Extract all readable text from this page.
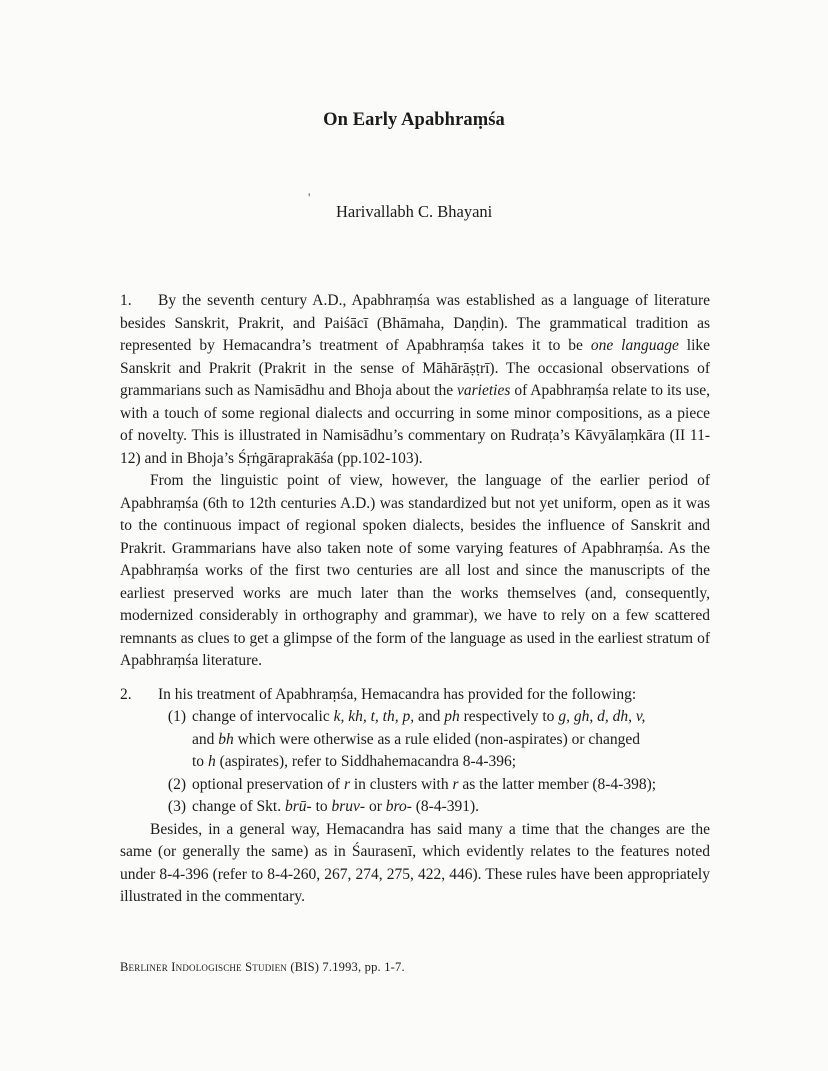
On Early Apabhraṃśa
'
Harivallabh C. Bhayani

1. By the seventh century A.D., Apabhraṃśa was established as a language of literature besides Sanskrit, Prakrit, and Paiśācī (Bhāmaha, Daṇḍin). The grammatical tradition as represented by Hemacandra’s treatment of Apabhraṃśa takes it to be one language like Sanskrit and Prakrit (Prakrit in the sense of Māhārāṣṭrī). The occasional observations of grammarians such as Namisādhu and Bhoja about the varieties of Apabhraṃśa relate to its use, with a touch of some regional dialects and occurring in some minor compositions, as a piece of novelty. This is illustrated in Namisādhu’s commentary on Rudraṭa’s Kāvyālaṃkāra (II 11-12) and in Bhoja’s Śṛṅgāraprakāśa (pp.102-103).

From the linguistic point of view, however, the language of the earlier period of Apabhraṃśa (6th to 12th centuries A.D.) was standardized but not yet uniform, open as it was to the continuous impact of regional spoken dialects, besides the influence of Sanskrit and Prakrit. Grammarians have also taken note of some varying features of Apabhraṃśa. As the Apabhraṃśa works of the first two centuries are all lost and since the manuscripts of the earliest preserved works are much later than the works themselves (and, consequently, modernized considerably in orthography and grammar), we have to rely on a few scattered remnants as clues to get a glimpse of the form of the language as used in the earliest stratum of Apabhraṃśa literature.

2. In his treatment of Apabhraṃśa, Hemacandra has provided for the following:

(1) change of intervocalic k, kh, t, th, p, and ph respectively to g, gh, d, dh, v,
and bh which were otherwise as a rule elided (non-aspirates) or changed
to h (aspirates), refer to Siddhahemacandra 8-4-396;
(2) optional preservation of r in clusters with r as the latter member (8-4-398);
(3) change of Skt. brū- to bruv- or bro- (8-4-391).

Besides, in a general way, Hemacandra has said many a time that the changes are the same (or generally the same) as in Śaurasenī, which evidently relates to the features noted under 8-4-396 (refer to 8-4-260, 267, 274, 275, 422, 446). These rules have been appropriately illustrated in the commentary.

Berliner Indologische Studien (BIS) 7.1993, pp. 1-7.
